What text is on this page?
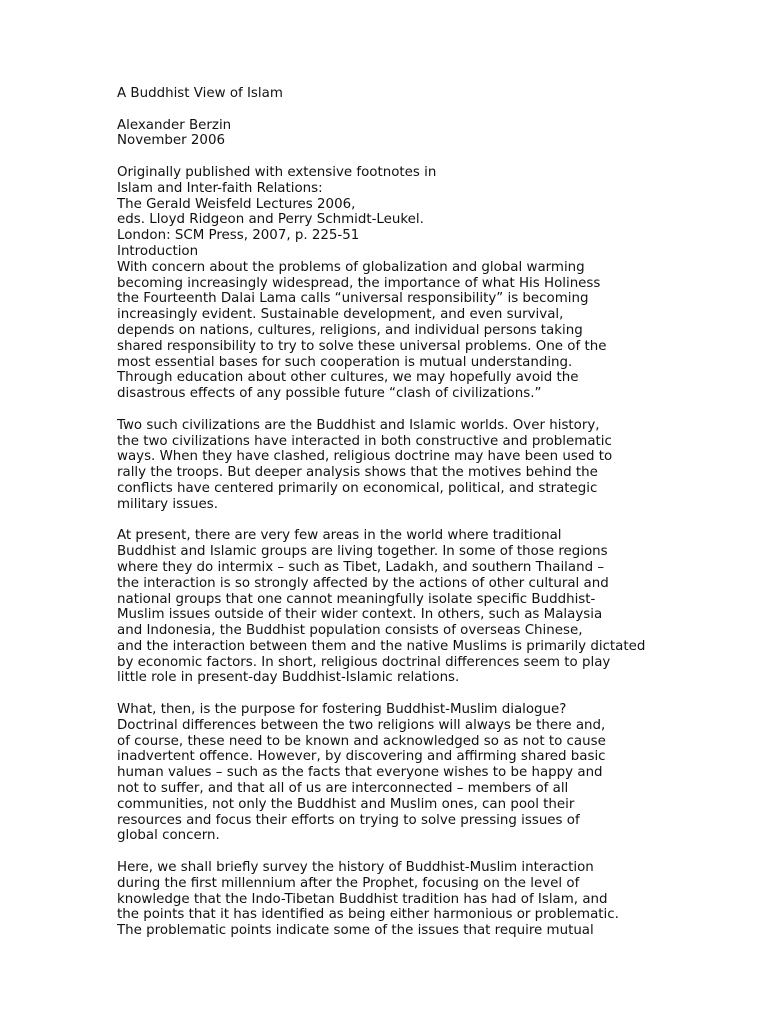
A Buddhist View of Islam
Alexander Berzin
November 2006
Originally published with extensive footnotes in
Islam and Inter-faith Relations:
The Gerald Weisfeld Lectures 2006,
eds. Lloyd Ridgeon and Perry Schmidt-Leukel.
London: SCM Press, 2007, p. 225-51
Introduction
With concern about the problems of globalization and global warming
becoming increasingly widespread, the importance of what His Holiness
the Fourteenth Dalai Lama calls “universal responsibility” is becoming
increasingly evident. Sustainable development, and even survival,
depends on nations, cultures, religions, and individual persons taking
shared responsibility to try to solve these universal problems. One of the
most essential bases for such cooperation is mutual understanding.
Through education about other cultures, we may hopefully avoid the
disastrous effects of any possible future “clash of civilizations.”
Two such civilizations are the Buddhist and Islamic worlds. Over history,
the two civilizations have interacted in both constructive and problematic
ways. When they have clashed, religious doctrine may have been used to
rally the troops. But deeper analysis shows that the motives behind the
conflicts have centered primarily on economical, political, and strategic
military issues.
At present, there are very few areas in the world where traditional
Buddhist and Islamic groups are living together. In some of those regions
where they do intermix – such as Tibet, Ladakh, and southern Thailand –
the interaction is so strongly affected by the actions of other cultural and
national groups that one cannot meaningfully isolate specific Buddhist-
Muslim issues outside of their wider context. In others, such as Malaysia
and Indonesia, the Buddhist population consists of overseas Chinese,
and the interaction between them and the native Muslims is primarily dictated
by economic factors. In short, religious doctrinal differences seem to play
little role in present-day Buddhist-Islamic relations.
What, then, is the purpose for fostering Buddhist-Muslim dialogue?
Doctrinal differences between the two religions will always be there and,
of course, these need to be known and acknowledged so as not to cause
inadvertent offence. However, by discovering and affirming shared basic
human values – such as the facts that everyone wishes to be happy and
not to suffer, and that all of us are interconnected – members of all
communities, not only the Buddhist and Muslim ones, can pool their
resources and focus their efforts on trying to solve pressing issues of
global concern.
Here, we shall briefly survey the history of Buddhist-Muslim interaction
during the first millennium after the Prophet, focusing on the level of
knowledge that the Indo-Tibetan Buddhist tradition has had of Islam, and
the points that it has identified as being either harmonious or problematic.
The problematic points indicate some of the issues that require mutual
